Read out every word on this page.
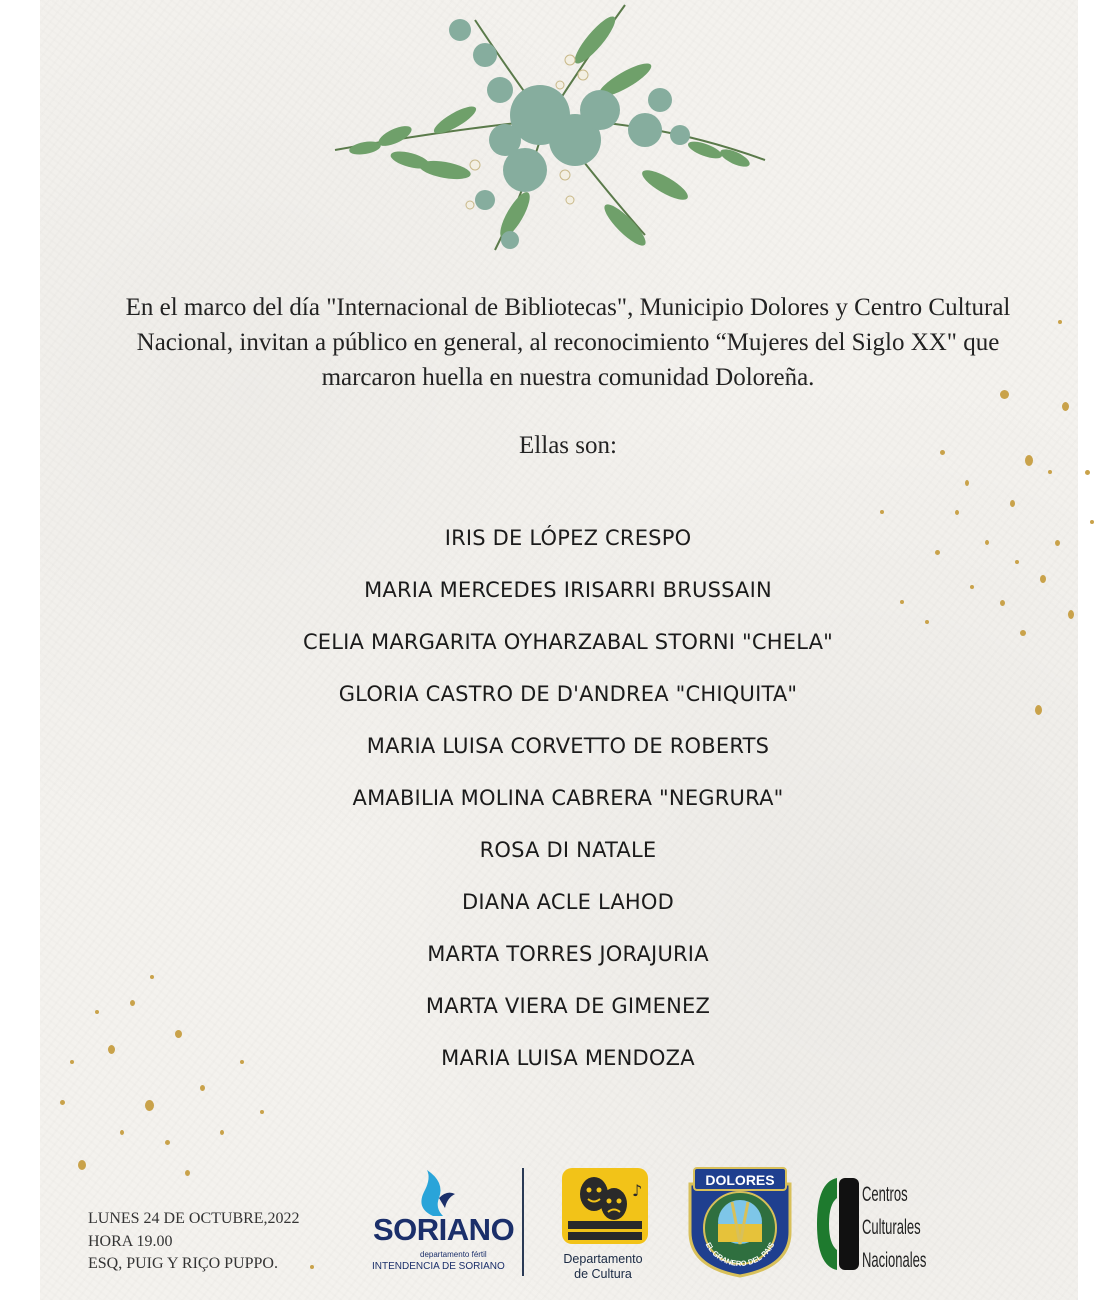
En el marco del día "Internacional de Bibliotecas", Municipio Dolores y Centro Cultural Nacional, invitan a público en general, al reconocimiento “Mujeres del Siglo XX" que marcaron huella en nuestra comunidad Doloreña.

Ellas son:

IRIS DE LÓPEZ CRESPO
MARIA MERCEDES IRISARRI BRUSSAIN
CELIA MARGARITA OYHARZABAL STORNI "CHELA"
GLORIA CASTRO DE D'ANDREA "CHIQUITA"
MARIA LUISA CORVETTO DE ROBERTS
AMABILIA MOLINA CABRERA "NEGRURA"
ROSA DI NATALE
DIANA ACLE LAHOD
MARTA TORRES JORAJURIA
MARTA VIERA DE GIMENEZ
MARIA LUISA MENDOZA
LUNES 24 DE OCTUBRE,2022
HORA 19.00
ESQ, PUIG Y RIÇO PUPPO.
SORIANO
departamento fértil
INTENDENCIA DE SORIANO
♪
Departamento
de Cultura
DOLORES
EL GRANERO DEL PAIS
Centros
Culturales
Nacionales
